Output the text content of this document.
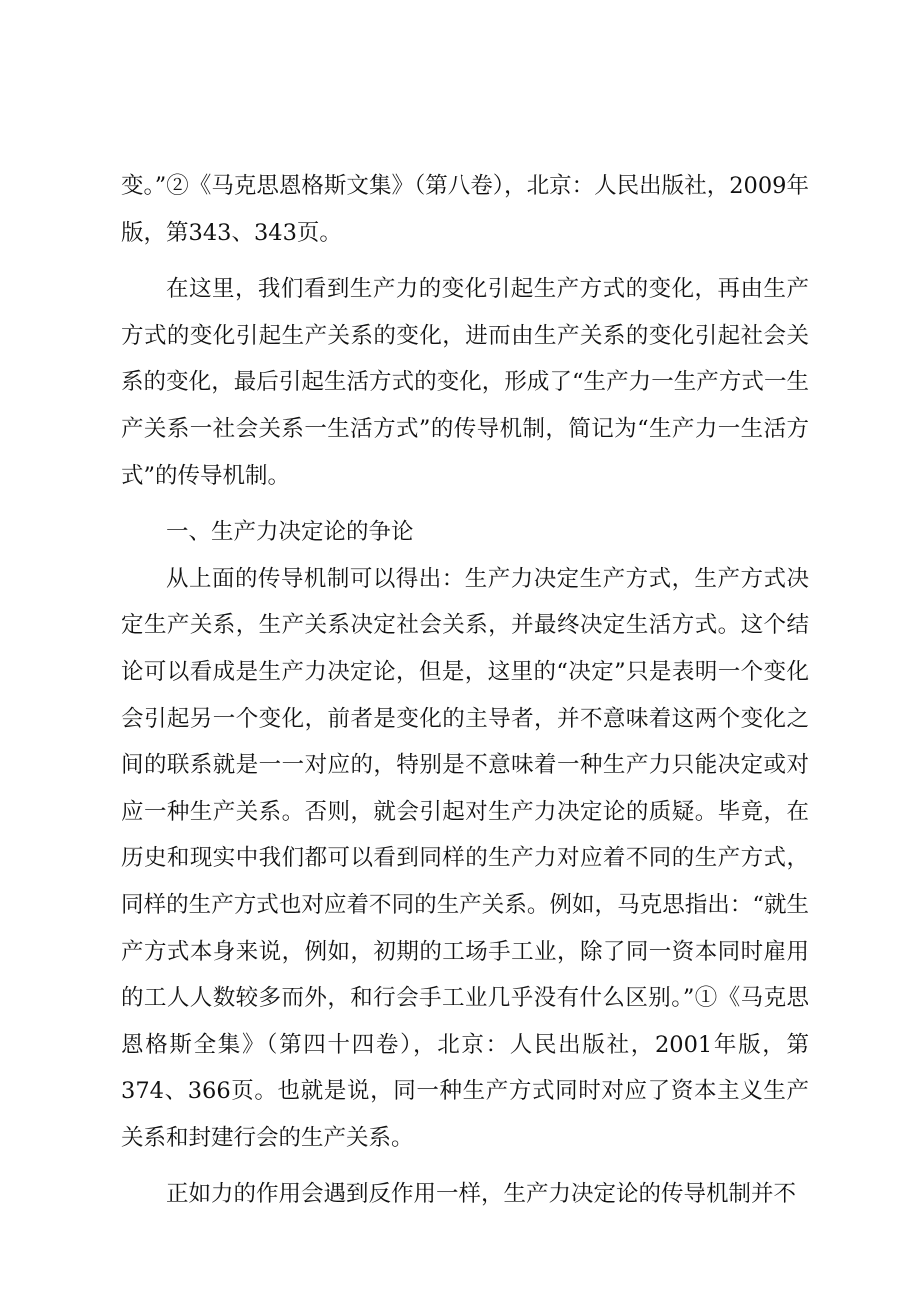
变。”②《马克思恩格斯文集》（第八卷），北京：人民出版社，2009年版，第343、343页。

在这里，我们看到生产力的变化引起生产方式的变化，再由生产方式的变化引起生产关系的变化，进而由生产关系的变化引起社会关系的变化，最后引起生活方式的变化，形成了“生产力一生产方式一生产关系一社会关系一生活方式”的传导机制，简记为“生产力一生活方式”的传导机制。

一、生产力决定论的争论

从上面的传导机制可以得出：生产力决定生产方式，生产方式决定生产关系，生产关系决定社会关系，并最终决定生活方式。这个结论可以看成是生产力决定论，但是，这里的“决定”只是表明一个变化会引起另一个变化，前者是变化的主导者，并不意味着这两个变化之间的联系就是一一对应的，特别是不意味着一种生产力只能决定或对应一种生产关系。否则，就会引起对生产力决定论的质疑。毕竟，在历史和现实中我们都可以看到同样的生产力对应着不同的生产方式，同样的生产方式也对应着不同的生产关系。例如，马克思指出：“就生产方式本身来说，例如，初期的工场手工业，除了同一资本同时雇用的工人人数较多而外，和行会手工业几乎没有什么区别。”①《马克思恩格斯全集》（第四十四卷），北京：人民出版社，2001年版，第374、366页。也就是说，同一种生产方式同时对应了资本主义生产关系和封建行会的生产关系。

正如力的作用会遇到反作用一样，生产力决定论的传导机制并不
